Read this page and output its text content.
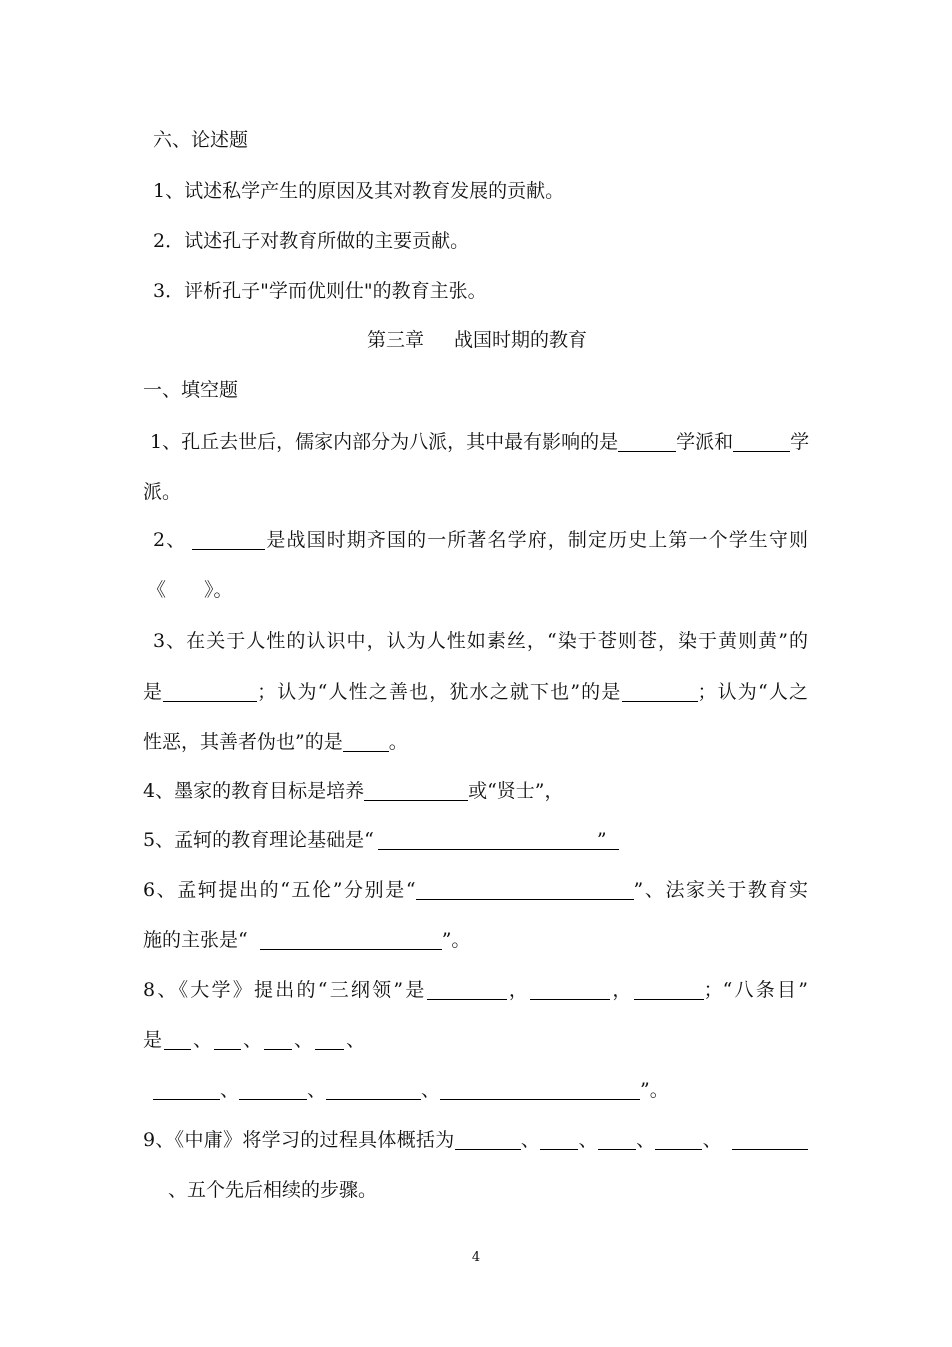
六、论述题
1、试述私学产生的原因及其对教育发展的贡献。
2．试述孔子对教育所做的主要贡献。
3．评析孔子"学而优则仕"的教育主张。
第三章 战国时期的教育
一、填空题
1、孔丘去世后，儒家内部分为八派，其中最有影响的是	学派和	学
派。
2、	是战国时期齐国的一所著名学府，制定历史上第一个学生守则
《　　》。
3、在关于人性的认识中，认为人性如素丝，“染于苍则苍，染于黄则黄”的
是	；认为“人性之善也，犹水之就下也”的是	；认为“人之
性恶，其善者伪也”的是 。
4、墨家的教育目标是培养	或“贤士”，
5、孟轲的教育理论基础是“	”
6、孟轲提出的“五伦”分别是“	”、法家关于教育实
施的主张是“	”。
8、《大学》提出的“三纲领”是	，	，	；“八条目”
是 、 、 、 、
、	、	、	”。
9、《中庸》将学习的过程具体概括为	、 、 、 、
、五个先后相续的步骤。
4
